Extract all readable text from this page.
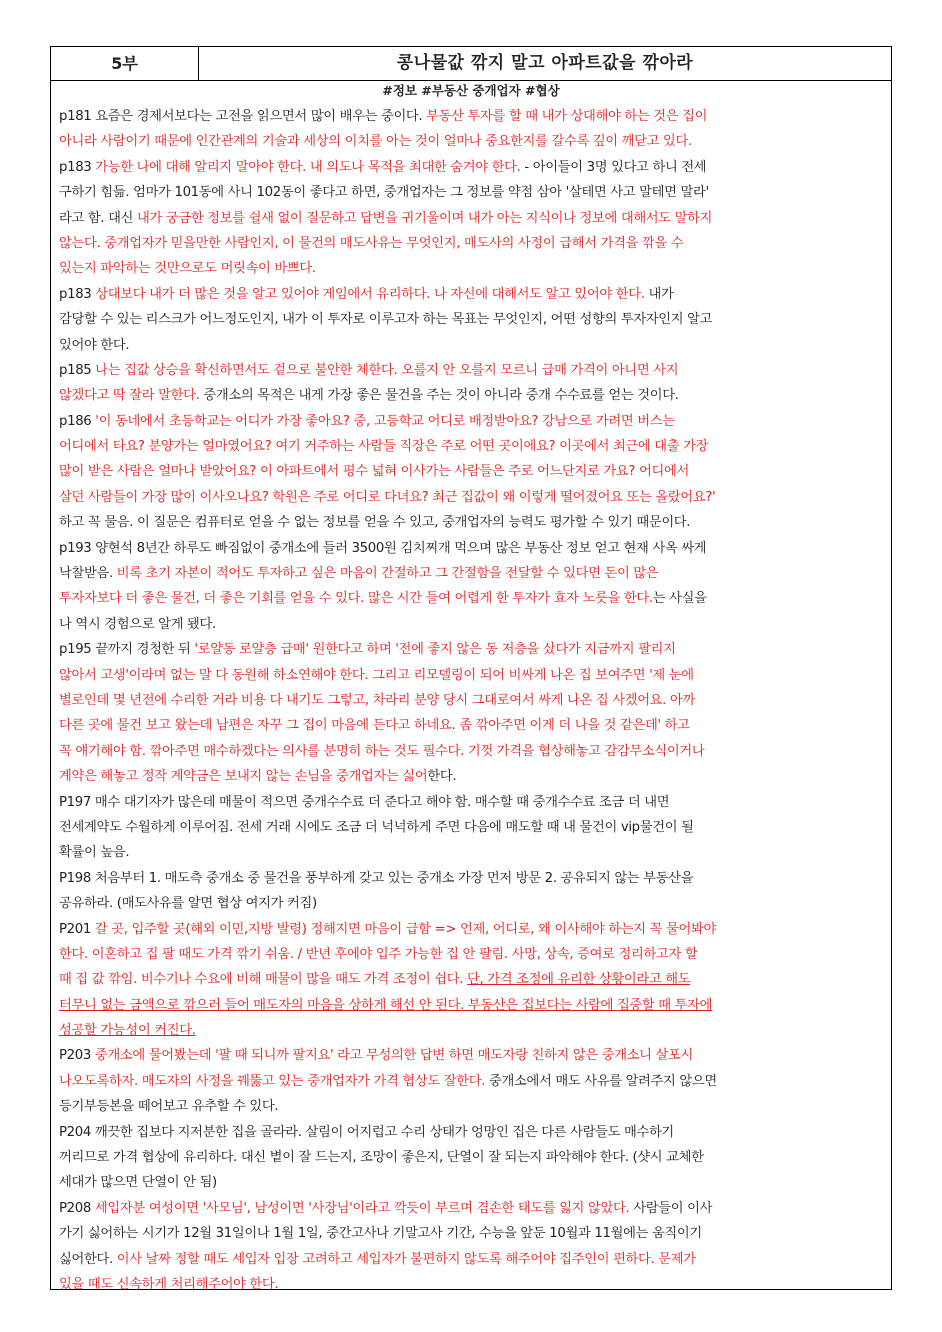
5부	콩나물값 깎지 말고 아파트값을 깎아라
#정보 #부동산 중개업자 #협상
p181 요즘은 경제서보다는 고전을 읽으면서 많이 배우는 중이다. 부동산 투자를 할 때 내가 상대해야 하는 것은 집이
아니라 사람이기 때문에 인간관계의 기술과 세상의 이치를 아는 것이 얼마나 중요한지를 갈수록 깊이 깨닫고 있다.
p183 가능한 나에 대해 알리지 말아야 한다. 내 의도나 목적을 최대한 숨겨야 한다. - 아이들이 3명 있다고 하니 전세
구하기 힘듦. 엄마가 101동에 사니 102동이 좋다고 하면, 중개업자는 그 정보를 약점 삼아 '살테면 사고 말테면 말라'
라고 함. 대신 내가 궁금한 정보를 쉴새 없이 질문하고 답변을 귀기울이며 내가 아는 지식이나 정보에 대해서도 말하지
않는다. 중개업자가 믿을만한 사람인지, 이 물건의 매도사유는 무엇인지, 매도사의 사정이 급해서 가격을 깎을 수
있는지 파악하는 것만으로도 머릿속이 바쁘다.
p183 상대보다 내가 더 많은 것을 알고 있어야 게임에서 유리하다. 나 자신에 대해서도 알고 있어야 한다. 내가
감당할 수 있는 리스크가 어느정도인지, 내가 이 투자로 이루고자 하는 목표는 무엇인지, 어떤 성향의 투자자인지 알고
있어야 한다.
p185 나는 집값 상승을 확신하면서도 겉으로 불안한 체한다. 오를지 안 오를지 모르니 급매 가격이 아니면 사지
않겠다고 딱 잘라 말한다. 중개소의 목적은 내게 가장 좋은 물건을 주는 것이 아니라 중개 수수료를 얻는 것이다.
p186 '이 동네에서 초등학교는 어디가 가장 좋아요? 중, 고등학교 어디로 배정받아요? 강남으로 가려면 버스는
어디에서 타요? 분양가는 얼마였어요? 여기 거주하는 사람들 직장은 주로 어떤 곳이에요? 이곳에서 최근에 대출 가장
많이 받은 사람은 얼마나 받았어요? 이 아파트에서 평수 넓혀 이사가는 사람들은 주로 어느단지로 가요? 어디에서
살던 사람들이 가장 많이 이사오나요? 학원은 주로 어디로 다녀요? 최근 집값이 왜 이렇게 떨어졌어요 또는 올랐어요?'
하고 꼭 물음. 이 질문은 컴퓨터로 얻을 수 없는 정보를 얻을 수 있고, 중개업자의 능력도 평가할 수 있기 때문이다.
p193 양현석 8년간 하루도 빠짐없이 중개소에 들러 3500원 김치찌개 먹으며 많은 부동산 정보 얻고 현재 사옥 싸게
낙찰받음. 비록 초기 자본이 적어도 투자하고 싶은 마음이 간절하고 그 간절함을 전달할 수 있다면 돈이 많은
투자자보다 더 좋은 물건, 더 좋은 기회를 얻을 수 있다. 많은 시간 들여 어렵게 한 투자가 효자 노릇을 한다.는 사실을
나 역시 경험으로 알게 됐다.
p195 끝까지 경청한 뒤 '로얄동 로얄층 급매' 원한다고 하며 '전에 좋지 않은 동 저층을 샀다가 지금까지 팔리지
않아서 고생'이라며 없는 말 다 동원해 하소연해야 한다. 그리고 리모델링이 되어 비싸게 나온 집 보여주면 '제 눈에
별로인데 몇 년전에 수리한 거라 비용 다 내기도 그렇고, 차라리 분양 당시 그대로여서 싸게 나온 집 사겠어요. 아까
다른 곳에 물건 보고 왔는데 남편은 자꾸 그 집이 마음에 든다고 하네요. 좀 깎아주면 이게 더 나을 것 같은데' 하고
꼭 얘기해야 함. 깎아주면 매수하겠다는 의사를 분명히 하는 것도 필수다. 기껏 가격을 협상해놓고 감감무소식이거나
계약은 해놓고 정작 계약금은 보내지 않는 손님을 중개업자는 싫어한다.
P197 매수 대기자가 많은데 매물이 적으면 중개수수료 더 준다고 해야 함. 매수할 때 중개수수료 조금 더 내면
전세계약도 수월하게 이루어짐. 전세 거래 시에도 조금 더 넉넉하게 주면 다음에 매도할 때 내 물건이 vip물건이 될
확률이 높음.
P198 처음부터 1. 매도측 중개소 중 물건을 풍부하게 갖고 있는 중개소 가장 먼저 방문 2. 공유되지 않는 부동산을
공유하라. (매도사유를 알면 협상 여지가 커짐)
P201 갈 곳, 입주할 곳(해외 이민,지방 발령) 정해지면 마음이 급함 => 언제, 어디로, 왜 이사해야 하는지 꼭 물어봐야
한다. 이혼하고 집 팔 때도 가격 깎기 쉬움. / 반년 후에야 입주 가능한 집 안 팔림. 사망, 상속, 증여로 정리하고자 할
때 집 값 깎임. 비수기나 수요에 비해 매물이 많을 때도 가격 조정이 쉽다. 단, 가격 조정에 유리한 상황이라고 해도
터무니 없는 금액으로 깎으러 들어 매도자의 마음을 상하게 해선 안 된다. 부동산은 집보다는 사람에 집중할 때 투자에
성공할 가능성이 커진다.
P203 중개소에 물어봤는데 '팔 때 되니까 팔지요' 라고 무성의한 답변 하면 매도자랑 친하지 않은 중개소니 살포시
나오도록하자. 매도자의 사정을 꿰뚫고 있는 중개업자가 가격 협상도 잘한다. 중개소에서 매도 사유를 알려주지 않으면
등기부등본을 떼어보고 유추할 수 있다.
P204 깨끗한 집보다 지저분한 집을 골라라. 살림이 어지럽고 수리 상태가 엉망인 집은 다른 사람들도 매수하기
꺼리므로 가격 협상에 유리하다. 대신 볕이 잘 드는지, 조망이 좋은지, 단열이 잘 되는지 파악해야 한다. (샷시 교체한
세대가 많으면 단열이 안 됨)
P208 세입자분 여성이면 '사모님', 남성이면 '사장님'이라고 깍듯이 부르며 겸손한 태도를 잃지 않았다. 사람들이 이사
가기 싫어하는 시기가 12월 31일이나 1월 1일, 중간고사나 기말고사 기간, 수능을 앞둔 10월과 11월에는 움직이기
싫어한다. 이사 날짜 정할 때도 세입자 입장 고려하고 세입자가 불편하지 않도록 해주어야 집주인이 편하다. 문제가
있을 때도 신속하게 처리해주어야 한다.
